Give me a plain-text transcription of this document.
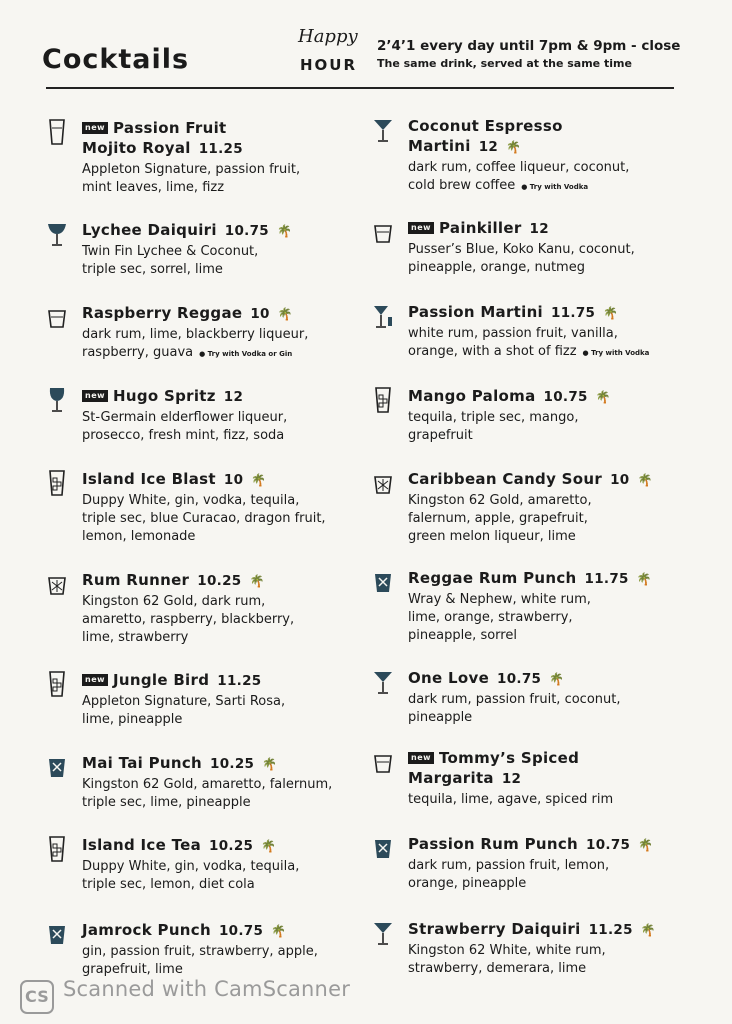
Cocktails
Happy
HOUR
2’4’1 every day until 7pm & 9pm - close
The same drink, served at the same time
new Passion Fruit
Mojito Royal 11.25
Appleton Signature, passion fruit,
mint leaves, lime, fizz
Lychee Daiquiri 10.75 🌴
Twin Fin Lychee & Coconut,
triple sec, sorrel, lime
Raspberry Reggae 10 🌴
dark rum, lime, blackberry liqueur,
raspberry, guava ● Try with Vodka or Gin
new Hugo Spritz 12
St-Germain elderflower liqueur,
prosecco, fresh mint, fizz, soda
Island Ice Blast 10 🌴
Duppy White, gin, vodka, tequila,
triple sec, blue Curacao, dragon fruit,
lemon, lemonade
Rum Runner 10.25 🌴
Kingston 62 Gold, dark rum,
amaretto, raspberry, blackberry,
lime, strawberry
new Jungle Bird 11.25
Appleton Signature, Sarti Rosa,
lime, pineapple
Mai Tai Punch 10.25 🌴
Kingston 62 Gold, amaretto, falernum,
triple sec, lime, pineapple
Island Ice Tea 10.25 🌴
Duppy White, gin, vodka, tequila,
triple sec, lemon, diet cola
Jamrock Punch 10.75 🌴
gin, passion fruit, strawberry, apple,
grapefruit, lime
Coconut Espresso
Martini 12 🌴
dark rum, coffee liqueur, coconut,
cold brew coffee ● Try with Vodka
new Painkiller 12
Pusser’s Blue, Koko Kanu, coconut,
pineapple, orange, nutmeg
Passion Martini 11.75 🌴
white rum, passion fruit, vanilla,
orange, with a shot of fizz ● Try with Vodka
Mango Paloma 10.75 🌴
tequila, triple sec, mango,
grapefruit
Caribbean Candy Sour 10 🌴
Kingston 62 Gold, amaretto,
falernum, apple, grapefruit,
green melon liqueur, lime
Reggae Rum Punch 11.75 🌴
Wray & Nephew, white rum,
lime, orange, strawberry,
pineapple, sorrel
One Love 10.75 🌴
dark rum, passion fruit, coconut,
pineapple
new Tommy’s Spiced
Margarita 12
tequila, lime, agave, spiced rim
Passion Rum Punch 10.75 🌴
dark rum, passion fruit, lemon,
orange, pineapple
Strawberry Daiquiri 11.25 🌴
Kingston 62 White, white rum,
strawberry, demerara, lime
CS Scanned with CamScanner
